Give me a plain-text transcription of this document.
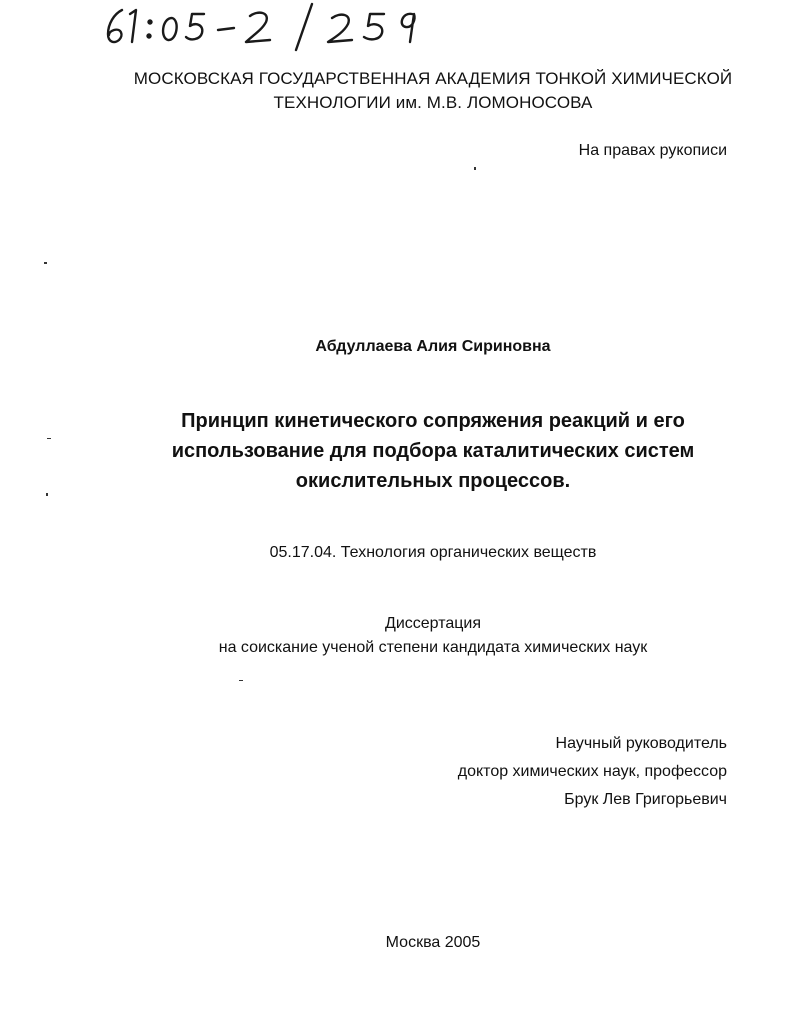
МОСКОВСКАЯ ГОСУДАРСТВЕННАЯ АКАДЕМИЯ ТОНКОЙ ХИМИЧЕСКОЙ
ТЕХНОЛОГИИ им. М.В. ЛОМОНОСОВА
На правах рукописи
Абдуллаева Алия Сириновна
Принцип кинетического сопряжения реакций и его
использование для подбора каталитических систем
окислительных процессов.
05.17.04. Технология органических веществ
Диссертация
на соискание ученой степени кандидата химических наук
Научный руководитель
доктор химических наук, профессор
Брук Лев Григорьевич
Москва 2005
